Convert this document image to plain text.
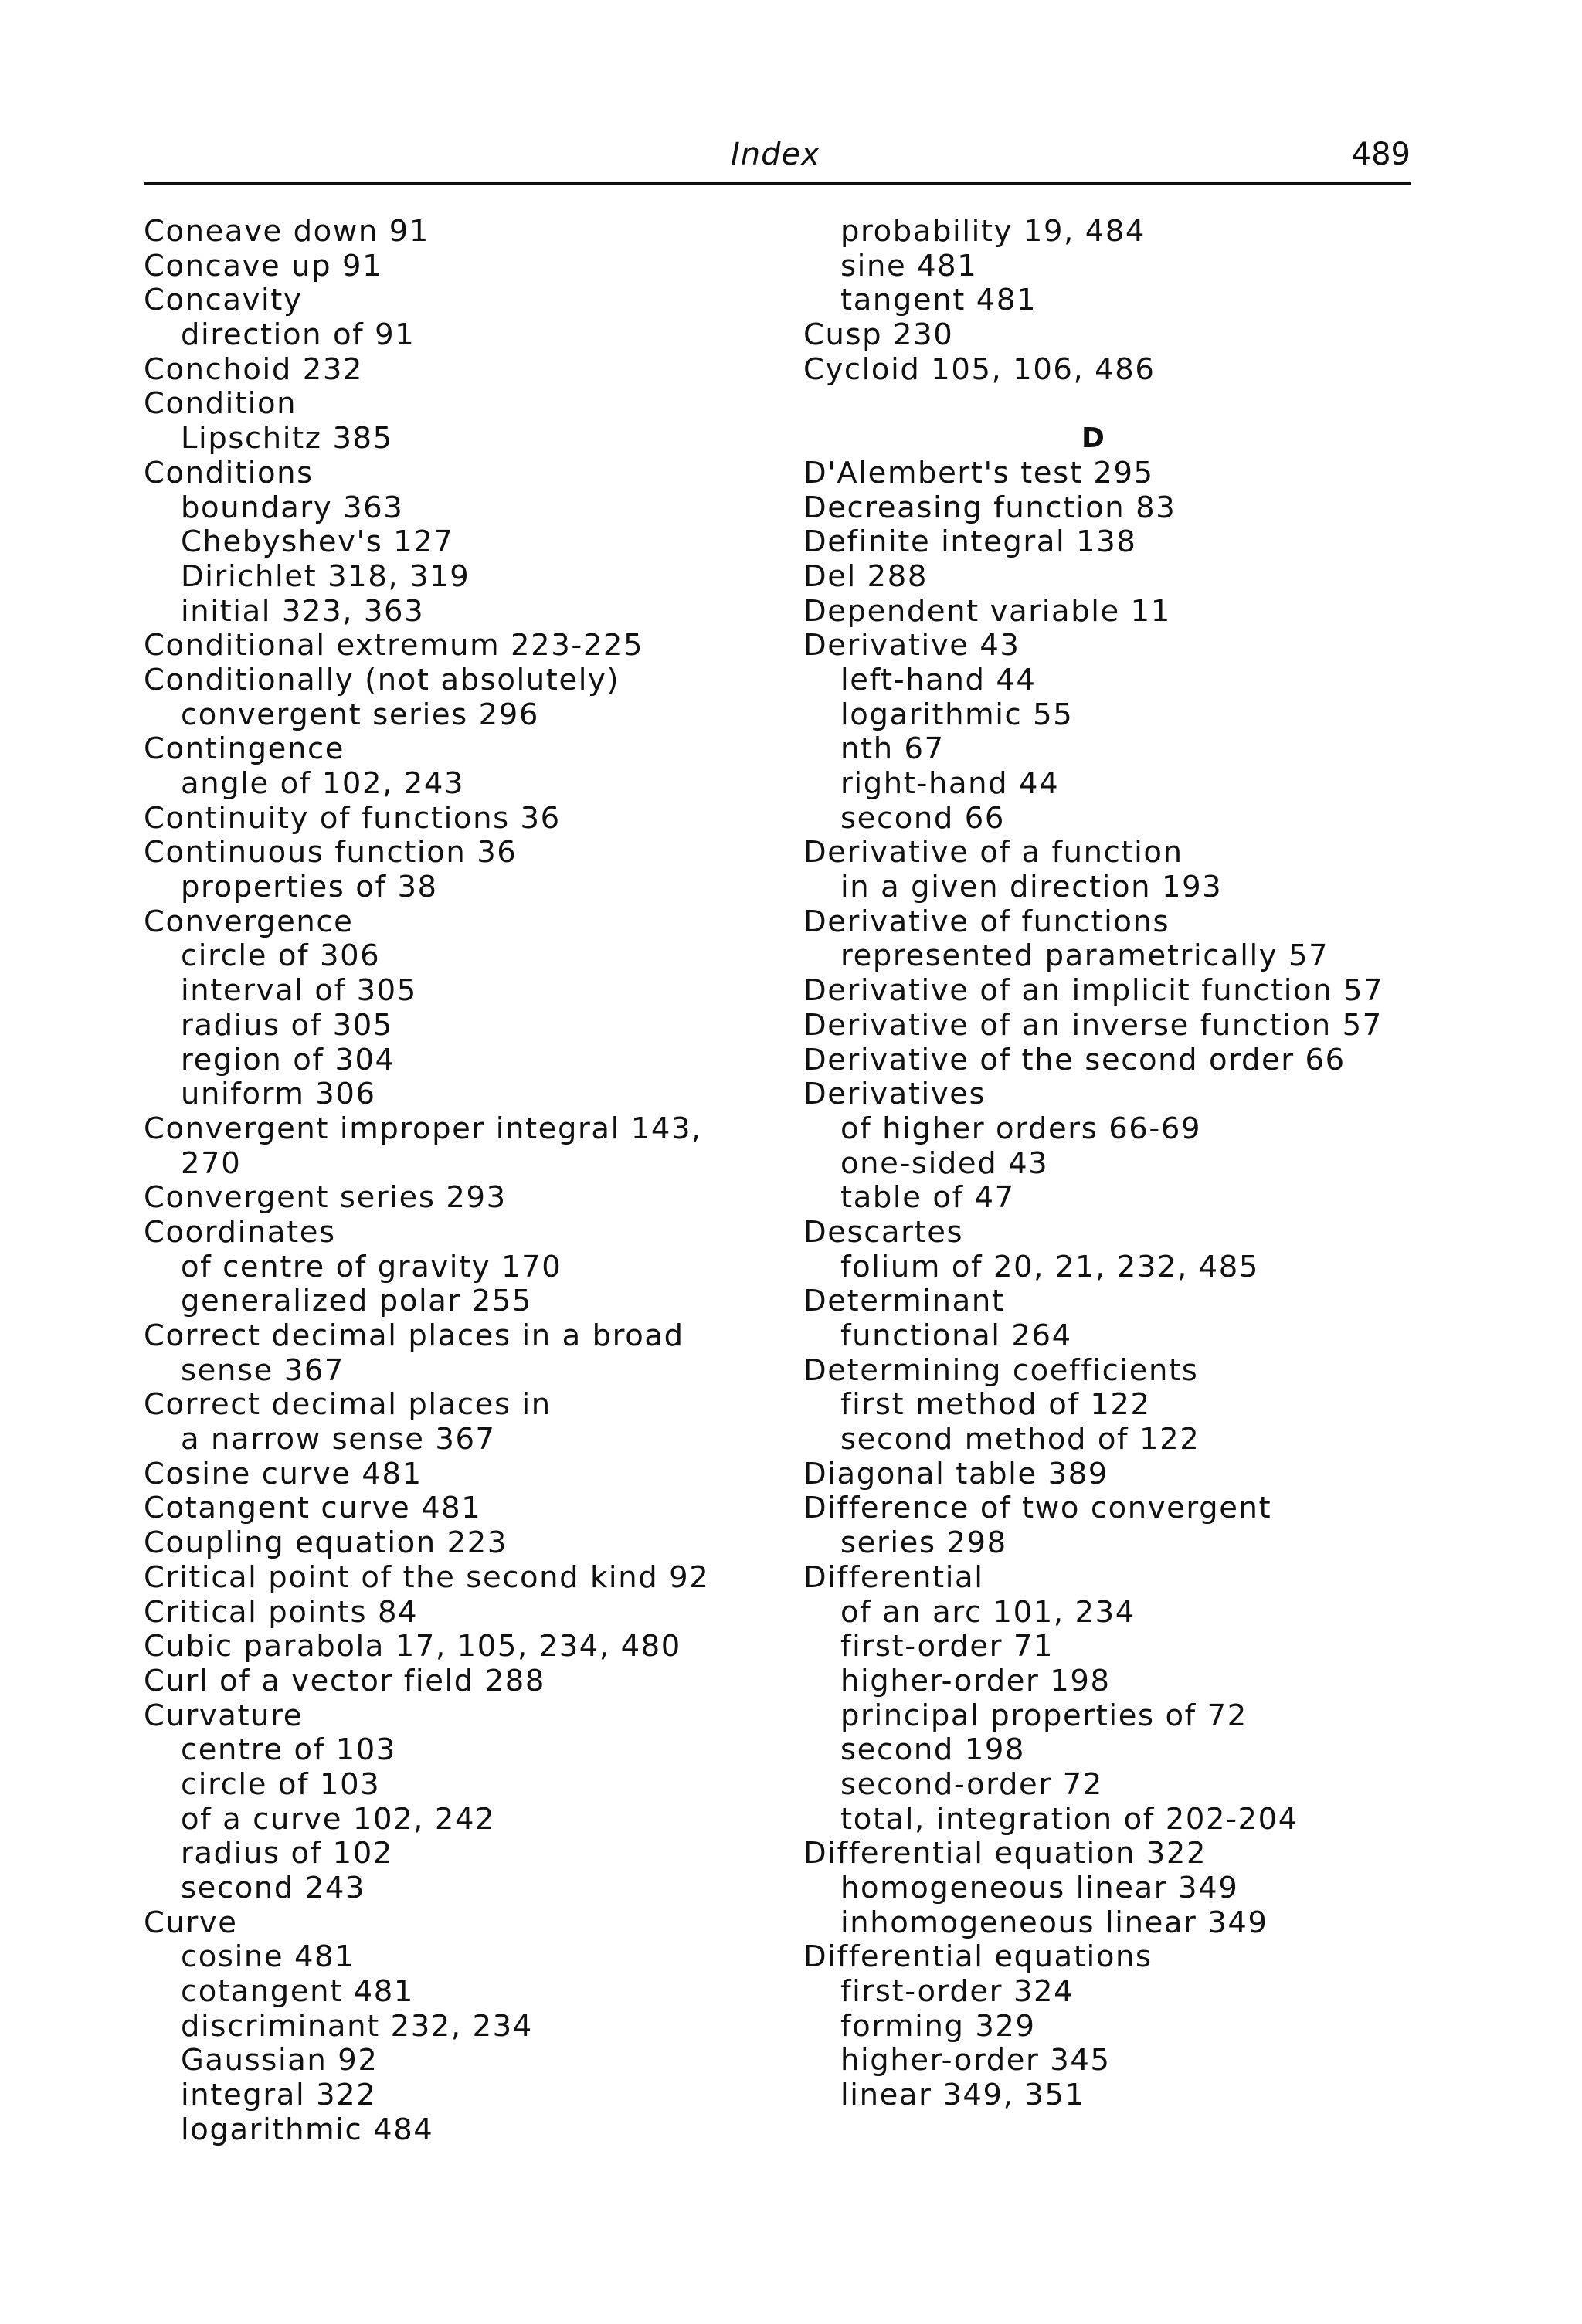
Index	489
Coneave down 91
Concave up 91
Concavity
direction of 91
Conchoid 232
Condition
Lipschitz 385
Conditions
boundary 363
Chebyshev's 127
Dirichlet 318, 319
initial 323, 363
Conditional extremum 223-225
Conditionally (not absolutely)
convergent series 296
Contingence
angle of 102, 243
Continuity of functions 36
Continuous function 36
properties of 38
Convergence
circle of 306
interval of 305
radius of 305
region of 304
uniform 306
Convergent improper integral 143,
270
Convergent series 293
Coordinates
of centre of gravity 170
generalized polar 255
Correct decimal places in a broad
sense 367
Correct decimal places in
a narrow sense 367
Cosine curve 481
Cotangent curve 481
Coupling equation 223
Critical point of the second kind 92
Critical points 84
Cubic parabola 17, 105, 234, 480
Curl of a vector field 288
Curvature
centre of 103
circle of 103
of a curve 102, 242
radius of 102
second 243
Curve
cosine 481
cotangent 481
discriminant 232, 234
Gaussian 92
integral 322
logarithmic 484
probability 19, 484
sine 481
tangent 481
Cusp 230
Cycloid 105, 106, 486
D
D'Alembert's test 295
Decreasing function 83
Definite integral 138
Del 288
Dependent variable 11
Derivative 43
left-hand 44
logarithmic 55
nth 67
right-hand 44
second 66
Derivative of a function
in a given direction 193
Derivative of functions
represented parametrically 57
Derivative of an implicit function 57
Derivative of an inverse function 57
Derivative of the second order 66
Derivatives
of higher orders 66-69
one-sided 43
table of 47
Descartes
folium of 20, 21, 232, 485
Determinant
functional 264
Determining coefficients
first method of 122
second method of 122
Diagonal table 389
Difference of two convergent
series 298
Differential
of an arc 101, 234
first-order 71
higher-order 198
principal properties of 72
second 198
second-order 72
total, integration of 202-204
Differential equation 322
homogeneous linear 349
inhomogeneous linear 349
Differential equations
first-order 324
forming 329
higher-order 345
linear 349, 351
